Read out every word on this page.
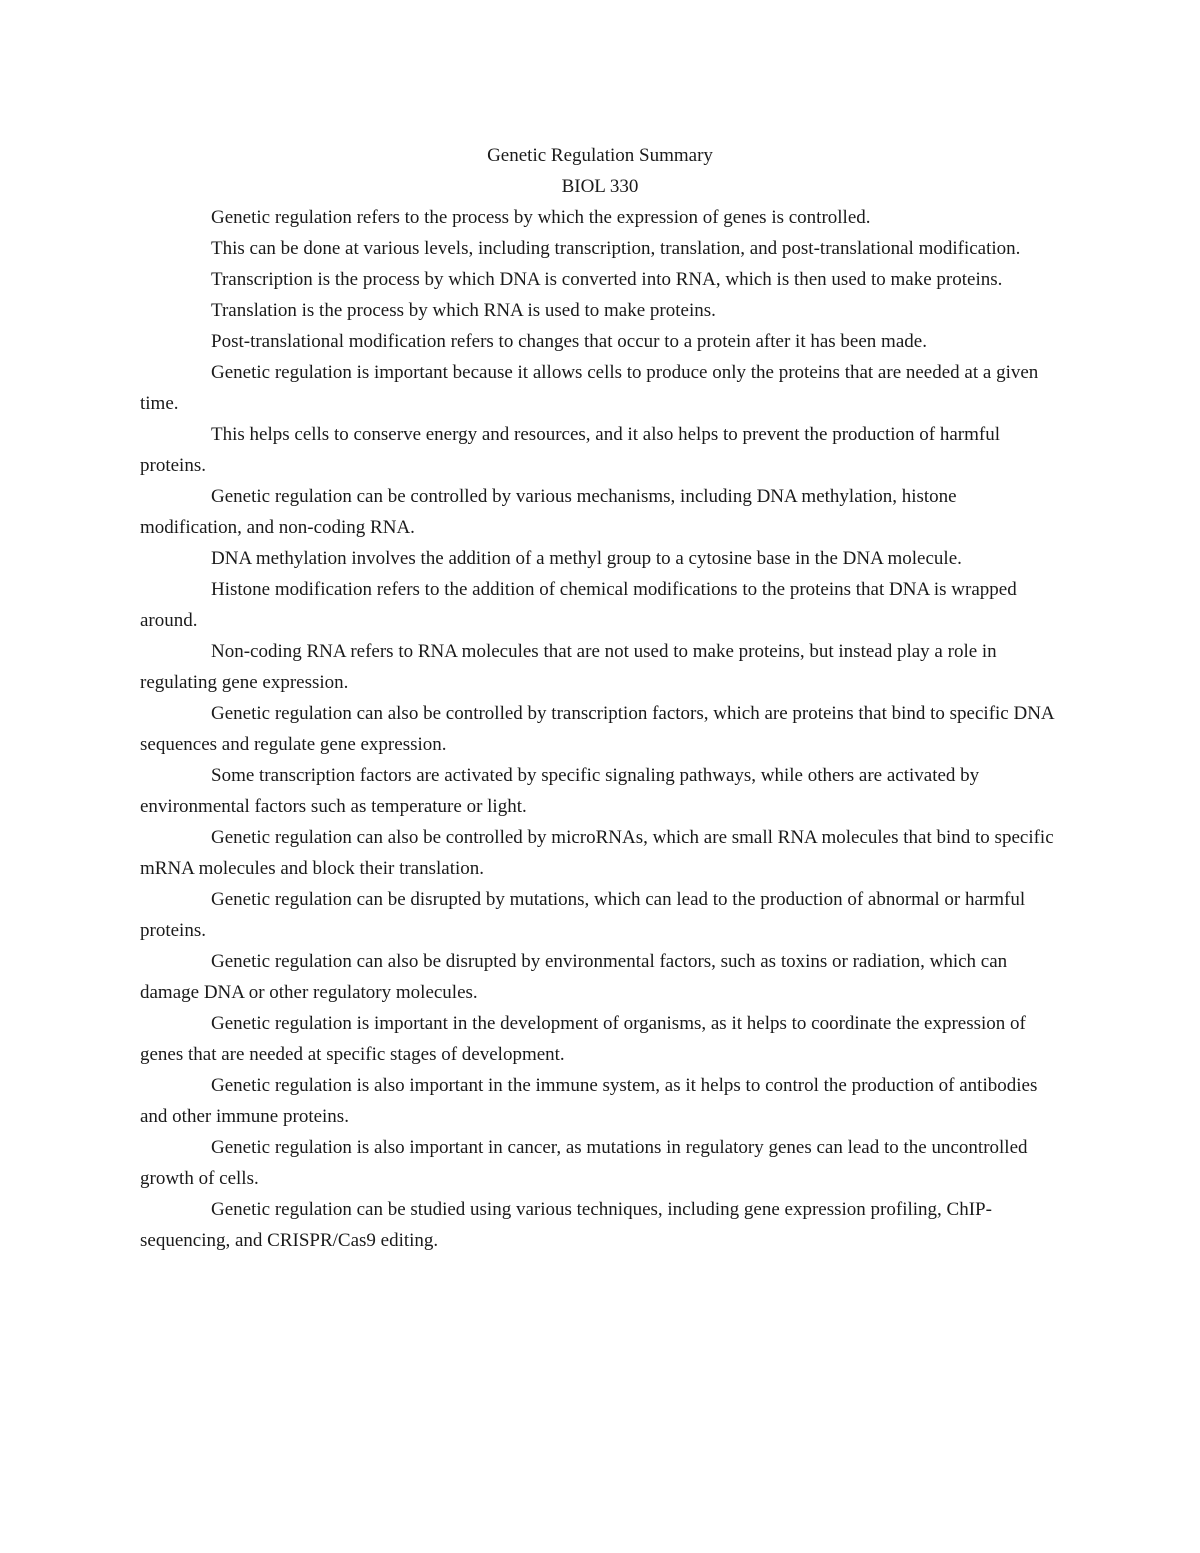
Genetic Regulation Summary

BIOL 330

Genetic regulation refers to the process by which the expression of genes is controlled.

This can be done at various levels, including transcription, translation, and post-translational modification.

Transcription is the process by which DNA is converted into RNA, which is then used to make proteins.

Translation is the process by which RNA is used to make proteins.

Post-translational modification refers to changes that occur to a protein after it has been made.

Genetic regulation is important because it allows cells to produce only the proteins that are needed at a given time.

This helps cells to conserve energy and resources, and it also helps to prevent the production of harmful proteins.

Genetic regulation can be controlled by various mechanisms, including DNA methylation, histone modification, and non-coding RNA.

DNA methylation involves the addition of a methyl group to a cytosine base in the DNA molecule.

Histone modification refers to the addition of chemical modifications to the proteins that DNA is wrapped around.

Non-coding RNA refers to RNA molecules that are not used to make proteins, but instead play a role in regulating gene expression.

Genetic regulation can also be controlled by transcription factors, which are proteins that bind to specific DNA sequences and regulate gene expression.

Some transcription factors are activated by specific signaling pathways, while others are activated by environmental factors such as temperature or light.

Genetic regulation can also be controlled by microRNAs, which are small RNA molecules that bind to specific mRNA molecules and block their translation.

Genetic regulation can be disrupted by mutations, which can lead to the production of abnormal or harmful proteins.

Genetic regulation can also be disrupted by environmental factors, such as toxins or radiation, which can damage DNA or other regulatory molecules.

Genetic regulation is important in the development of organisms, as it helps to coordinate the expression of genes that are needed at specific stages of development.

Genetic regulation is also important in the immune system, as it helps to control the production of antibodies and other immune proteins.

Genetic regulation is also important in cancer, as mutations in regulatory genes can lead to the uncontrolled growth of cells.

Genetic regulation can be studied using various techniques, including gene expression profiling, ChIP-sequencing, and CRISPR/Cas9 editing.
